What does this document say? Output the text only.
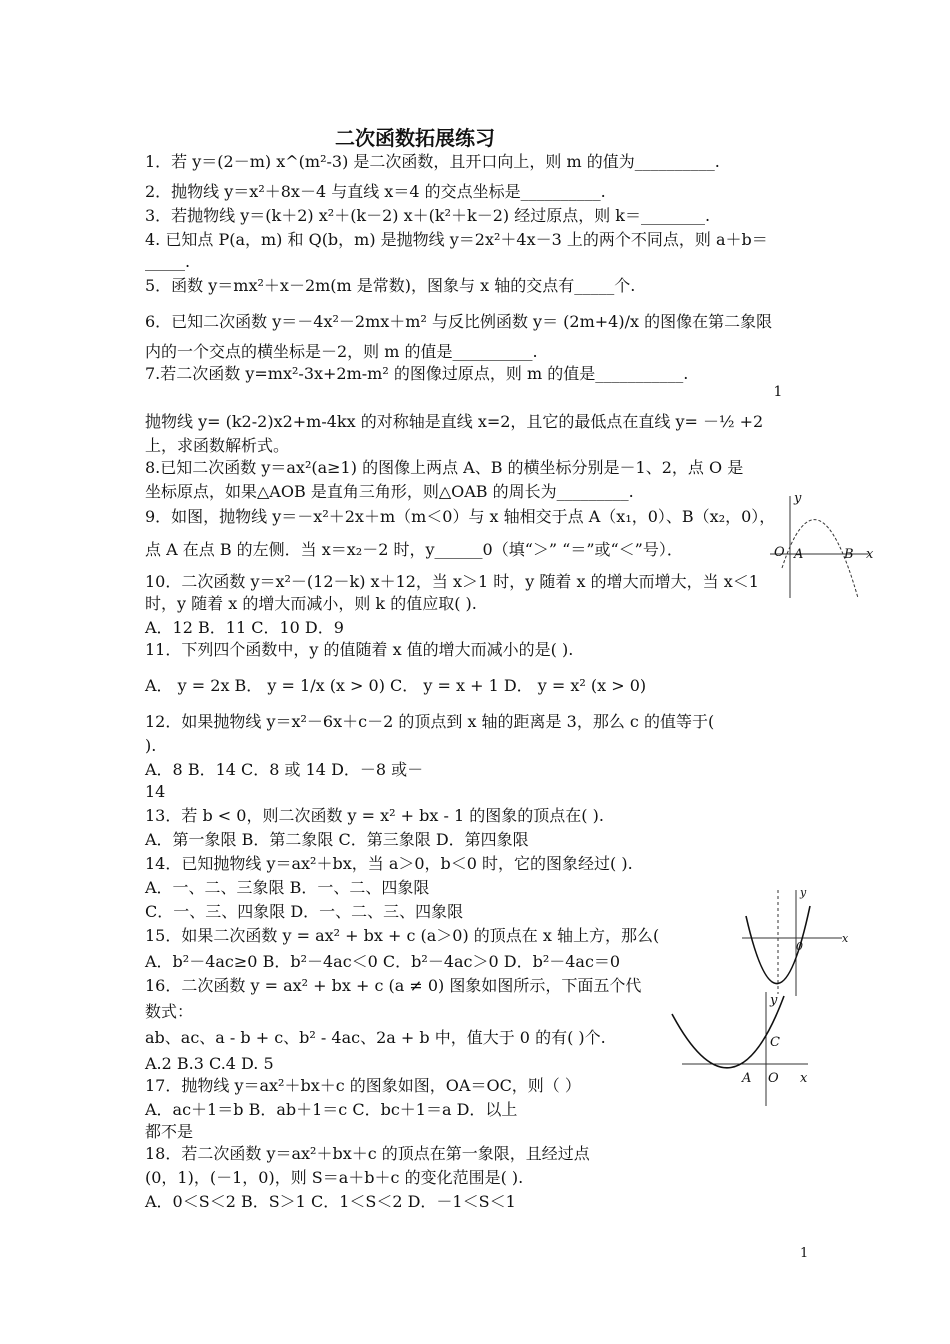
二次函数拓展练习
1．若 y＝(2－m) x^(m²-3) 是二次函数，且开口向上，则 m 的值为__________.
2．抛物线 y＝x²＋8x－4 与直线 x＝4 的交点坐标是__________.
3．若抛物线 y＝(k＋2) x²＋(k－2) x＋(k²＋k－2) 经过原点，则 k＝________.
4. 已知点 P(a，m) 和 Q(b，m) 是抛物线 y＝2x²＋4x－3 上的两个不同点，则 a＋b＝
_____.
5．函数 y＝mx²＋x－2m(m 是常数)，图象与 x 轴的交点有_____个.
6．已知二次函数 y＝－4x²－2mx＋m² 与反比例函数 y＝ (2m+4)/x 的图像在第二象限
内的一个交点的横坐标是－2，则 m 的值是__________.
7.若二次函数 y=mx²-3x+2m-m² 的图像过原点，则 m 的值是___________.
抛物线 y= (k2-2)x2+m-4kx 的对称轴是直线 x=2，且它的最低点在直线 y= －½ +2
上，求函数解析式。
8.已知二次函数 y＝ax²(a≥1) 的图像上两点 A、B 的横坐标分别是－1、2，点 O 是
坐标原点，如果△AOB 是直角三角形，则△OAB 的周长为_________.
9．如图，抛物线 y＝－x²＋2x＋m（m＜0）与 x 轴相交于点 A（x₁，0）、B（x₂，0），
点 A 在点 B 的左侧．当 x＝x₂－2 时，y______0（填“＞” “＝”或“＜”号）．
10．二次函数 y＝x²－(12－k) x＋12，当 x＞1 时，y 随着 x 的增大而增大，当 x＜1
时，y 随着 x 的增大而减小，则 k 的值应取( ).
A．12 B．11 C．10 D．9
11．下列四个函数中，y 的值随着 x 值的增大而减小的是( ).
A． y = 2x B． y = 1/x (x > 0) C． y = x + 1 D． y = x² (x > 0)
12．如果抛物线 y＝x²－6x＋c－2 的顶点到 x 轴的距离是 3，那么 c 的值等于(
).
A．8 B．14 C．8 或 14 D．－8 或－
14
13．若 b < 0，则二次函数 y = x² + bx - 1 的图象的顶点在( ).
A．第一象限 B．第二象限 C．第三象限 D．第四象限
14．已知抛物线 y＝ax²＋bx，当 a＞0，b＜0 时，它的图象经过( ).
A．一、二、三象限 B．一、二、四象限
C．一、三、四象限 D．一、二、三、四象限
15．如果二次函数 y = ax² + bx + c (a＞0) 的顶点在 x 轴上方，那么(
A．b²－4ac≥0 B．b²－4ac＜0 C．b²－4ac＞0 D．b²－4ac＝0
16．二次函数 y = ax² + bx + c (a ≠ 0) 图象如图所示，下面五个代
数式：
ab、ac、a - b + c、b² - 4ac、2a + b 中，值大于 0 的有( )个.
A.2 B.3 C.4 D. 5
17．抛物线 y＝ax²＋bx＋c 的图象如图，OA＝OC，则（ ）
A．ac＋1＝b B．ab＋1＝c C．bc＋1＝a D．以上
都不是
18．若二次函数 y＝ax²＋bx＋c 的顶点在第一象限，且经过点
(0，1)，(－1，0)，则 S＝a＋b＋c 的变化范围是( ).
A．0＜S＜2 B．S＞1 C．1＜S＜2 D．－1＜S＜1
1
y
O A	B x
y
0
x
y
C
A O x
1
